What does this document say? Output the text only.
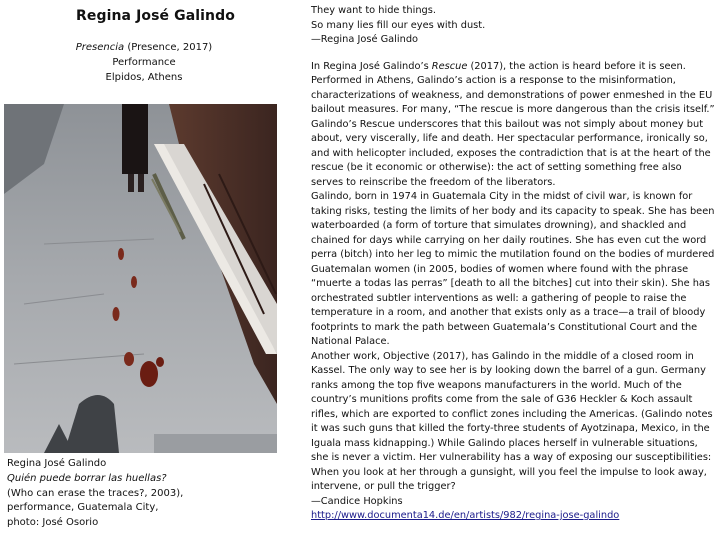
Regina José Galindo
Presencia (Presence, 2017)
Performance
Elpidos, Athens
Regina José Galindo
Quién puede borrar las huellas?
(Who can erase the traces?, 2003),
performance, Guatemala City,
photo: José Osorio

They want to hide things.

So many lies fill our eyes with dust.

—Regina José Galindo

In Regina José Galindo’s Rescue (2017), the action is heard before it is seen. Performed in Athens, Galindo’s action is a response to the misinformation, characterizations of weakness, and demonstrations of power enmeshed in the EU bailout measures. For many, “The rescue is more dangerous than the crisis itself.” Galindo’s Rescue underscores that this bailout was not simply about money but about, very viscerally, life and death. Her spectacular performance, ironically so, and with helicopter included, exposes the contradiction that is at the heart of the rescue (be it economic or otherwise): the act of setting something free also serves to reinscribe the freedom of the liberators.

Galindo, born in 1974 in Guatemala City in the midst of civil war, is known for taking risks, testing the limits of her body and its capacity to speak. She has been waterboarded (a form of torture that simulates drowning), and shackled and chained for days while carrying on her daily routines. She has even cut the word perra (bitch) into her leg to mimic the mutilation found on the bodies of murdered Guatemalan women (in 2005, bodies of women where found with the phrase “muerte a todas las perras” [death to all the bitches] cut into their skin). She has orchestrated subtler interventions as well: a gathering of people to raise the temperature in a room, and another that exists only as a trace—a trail of bloody footprints to mark the path between Guatemala’s Constitutional Court and the National Palace.

Another work, Objective (2017), has Galindo in the middle of a closed room in Kassel. The only way to see her is by looking down the barrel of a gun. Germany ranks among the top five weapons manufacturers in the world. Much of the country’s munitions profits come from the sale of G36 Heckler & Koch assault rifles, which are exported to conflict zones including the Americas. (Galindo notes it was such guns that killed the forty-three students of Ayotzinapa, Mexico, in the Iguala mass kidnapping.) While Galindo places herself in vulnerable situations, she is never a victim. Her vulnerability has a way of exposing our susceptibilities: When you look at her through a gunsight, will you feel the impulse to look away, intervene, or pull the trigger?

—Candice Hopkins

http://www.documenta14.de/en/artists/982/regina-jose-galindo
